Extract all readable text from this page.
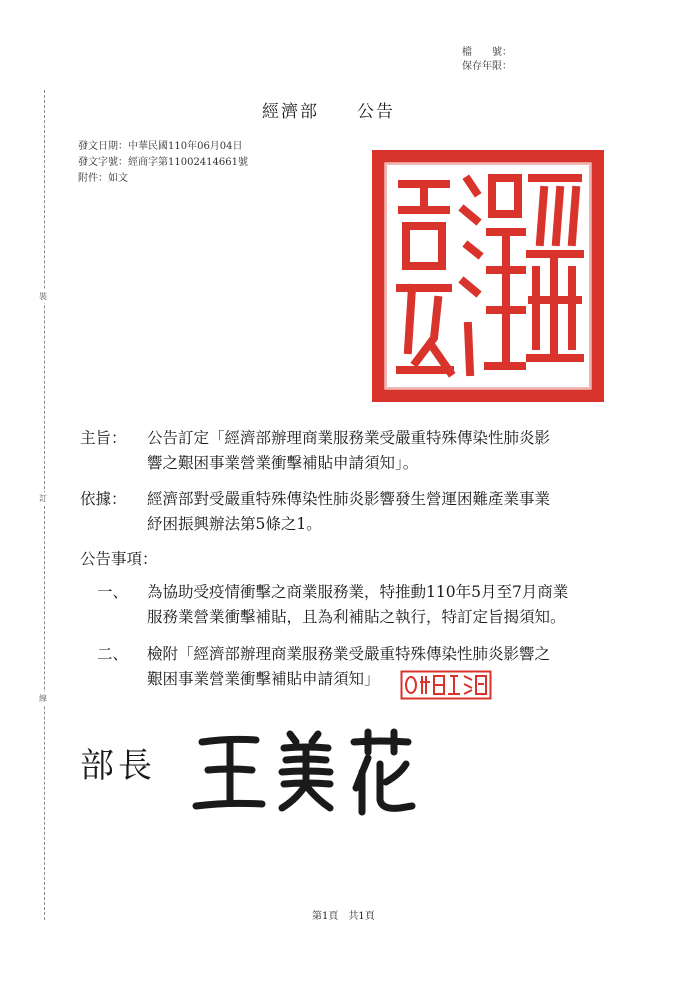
檔　　號：
保存年限：
裝
訂
線
經濟部 公告
發文日期：中華民國110年06月04日
發文字號：經商字第11002414661號
附件：如文
主旨： 公告訂定「經濟部辦理商業服務業受嚴重特殊傳染性肺炎影
響之艱困事業營業衝擊補貼申請須知」。
依據： 經濟部對受嚴重特殊傳染性肺炎影響發生營運困難產業事業
紓困振興辦法第5條之1。
公告事項：
一、 為協助受疫情衝擊之商業服務業，特推動110年5月至7月商業
服務業營業衝擊補貼，且為利補貼之執行，特訂定旨揭須知。
二、 檢附「經濟部辦理商業服務業受嚴重特殊傳染性肺炎影響之
艱困事業營業衝擊補貼申請須知」
部長
第1頁　共1頁
